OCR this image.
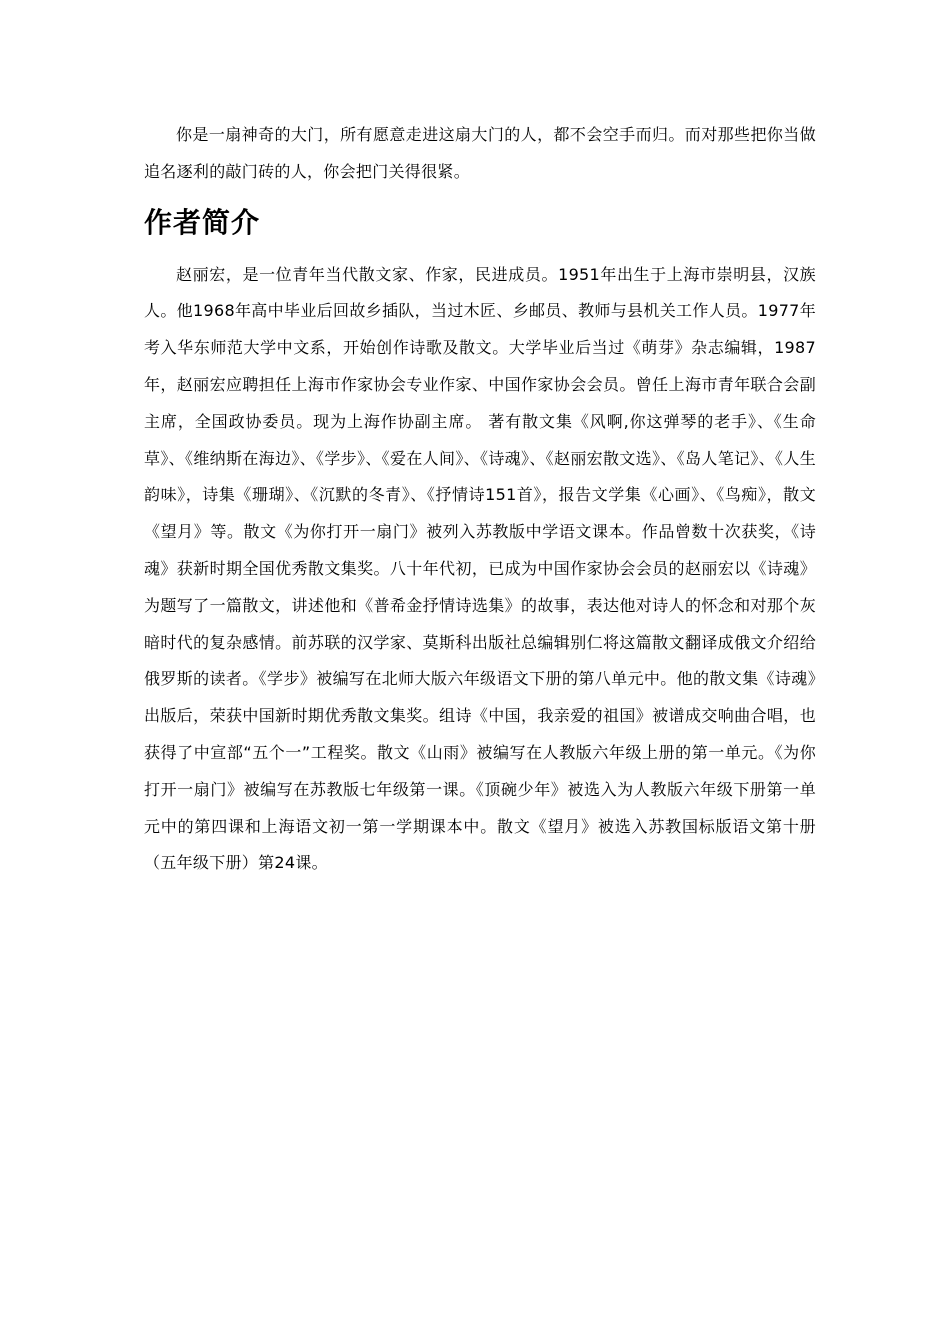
你是一扇神奇的大门，所有愿意走进这扇大门的人，都不会空手而归。而对那些把你当做追名逐利的敲门砖的人，你会把门关得很紧。

作者简介

赵丽宏，是一位青年当代散文家、作家，民进成员。1951年出生于上海市崇明县，汉族人。他1968年高中毕业后回故乡插队，当过木匠、乡邮员、教师与县机关工作人员。1977年考入华东师范大学中文系，开始创作诗歌及散文。大学毕业后当过《萌芽》杂志编辑，1987年，赵丽宏应聘担任上海市作家协会专业作家、中国作家协会会员。曾任上海市青年联合会副主席，全国政协委员。现为上海作协副主席。 著有散文集《风啊,你这弹琴的老手》、《生命草》、《维纳斯在海边》、《学步》、《爱在人间》、《诗魂》、《赵丽宏散文选》、《岛人笔记》、《人生韵味》，诗集《珊瑚》、《沉默的冬青》、《抒情诗151首》，报告文学集《心画》、《鸟痴》，散文《望月》等。散文《为你打开一扇门》被列入苏教版中学语文课本。作品曾数十次获奖，《诗魂》获新时期全国优秀散文集奖。八十年代初，已成为中国作家协会会员的赵丽宏以《诗魂》为题写了一篇散文，讲述他和《普希金抒情诗选集》的故事，表达他对诗人的怀念和对那个灰暗时代的复杂感情。前苏联的汉学家、莫斯科出版社总编辑别仁将这篇散文翻译成俄文介绍给俄罗斯的读者。《学步》被编写在北师大版六年级语文下册的第八单元中。他的散文集《诗魂》出版后，荣获中国新时期优秀散文集奖。组诗《中国，我亲爱的祖国》被谱成交响曲合唱，也获得了中宣部“五个一”工程奖。散文《山雨》被编写在人教版六年级上册的第一单元。《为你打开一扇门》被编写在苏教版七年级第一课。《顶碗少年》被选入为人教版六年级下册第一单元中的第四课和上海语文初一第一学期课本中。散文《望月》被选入苏教国标版语文第十册（五年级下册）第24课。
